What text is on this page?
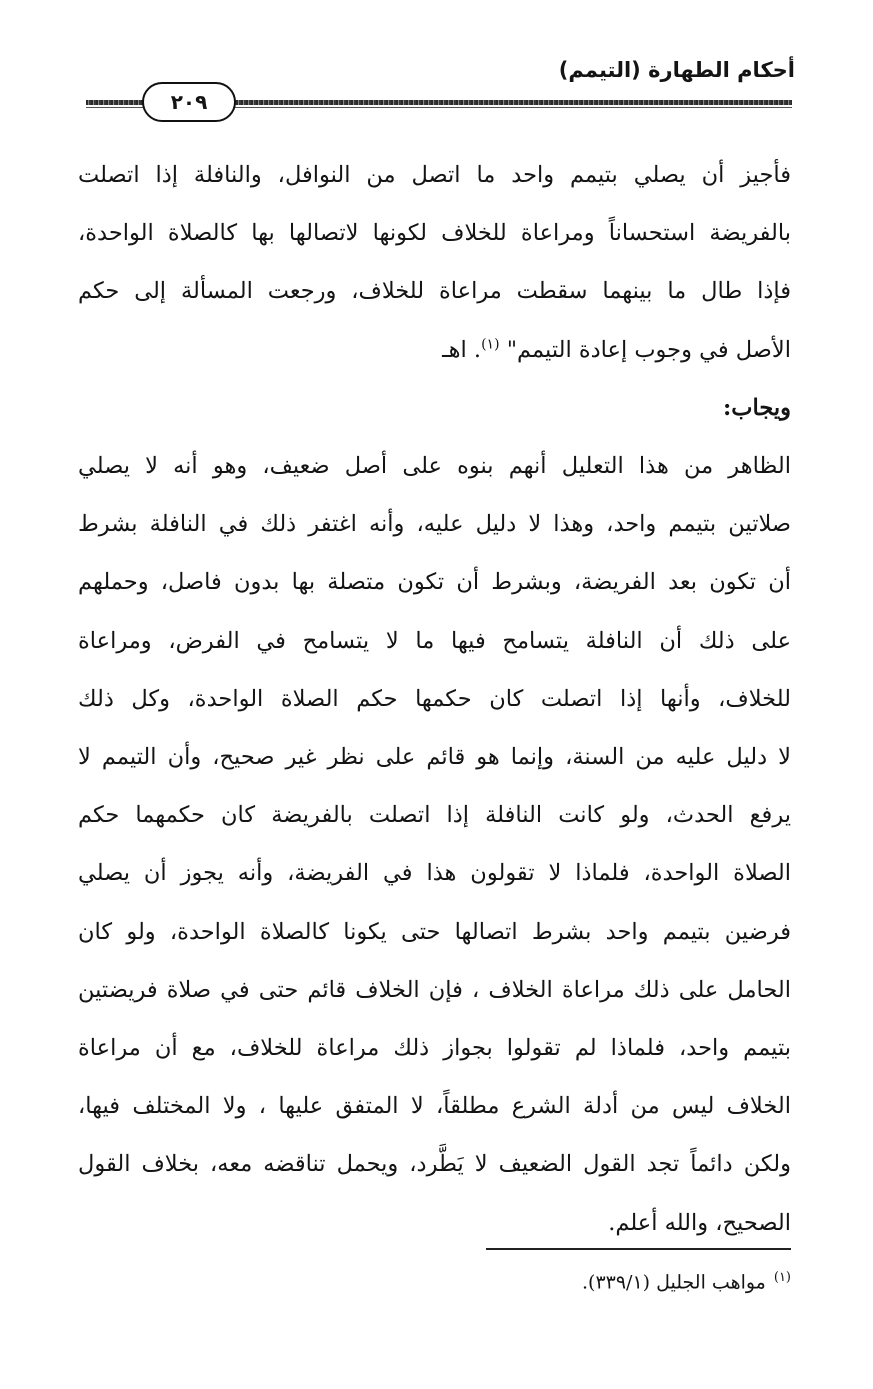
أحكام الطهارة (التيمم)
٢٠٩

فأجيز أن يصلي بتيمم واحد ما اتصل من النوافل، والنافلة إذا اتصلت
بالفريضة استحساناً ومراعاة للخلاف لكونها لاتصالها بها كالصلاة الواحدة،
فإذا طال ما بينهما سقطت مراعاة للخلاف، ورجعت المسألة إلى حكم
الأصل في وجوب إعادة التيمم" $^{(١)}$. اهـ

ويجاب:

الظاهر من هذا التعليل أنهم بنوه على أصل ضعيف، وهو أنه لا يصلي
صلاتين بتيمم واحد، وهذا لا دليل عليه، وأنه اغتفر ذلك في النافلة بشرط
أن تكون بعد الفريضة، وبشرط أن تكون متصلة بها بدون فاصل، وحملهم
على ذلك أن النافلة يتسامح فيها ما لا يتسامح في الفرض، ومراعاة
للخلاف، وأنها إذا اتصلت كان حكمها حكم الصلاة الواحدة، وكل ذلك
لا دليل عليه من السنة، وإنما هو قائم على نظر غير صحيح، وأن التيمم لا
يرفع الحدث، ولو كانت النافلة إذا اتصلت بالفريضة كان حكمهما حكم
الصلاة الواحدة، فلماذا لا تقولون هذا في الفريضة، وأنه يجوز أن يصلي
فرضين بتيمم واحد بشرط اتصالها حتى يكونا كالصلاة الواحدة، ولو كان
الحامل على ذلك مراعاة الخلاف ، فإن الخلاف قائم حتى في صلاة فريضتين
بتيمم واحد، فلماذا لم تقولوا بجواز ذلك مراعاة للخلاف، مع أن مراعاة
الخلاف ليس من أدلة الشرع مطلقاً، لا المتفق عليها ، ولا المختلف فيها،
ولكن دائماً تجد القول الضعيف لا يَطَّرد، ويحمل تناقضه معه، بخلاف القول
الصحيح، والله أعلم.

$^{(١)}$مواهب الجليل (٣٣٩/١).
